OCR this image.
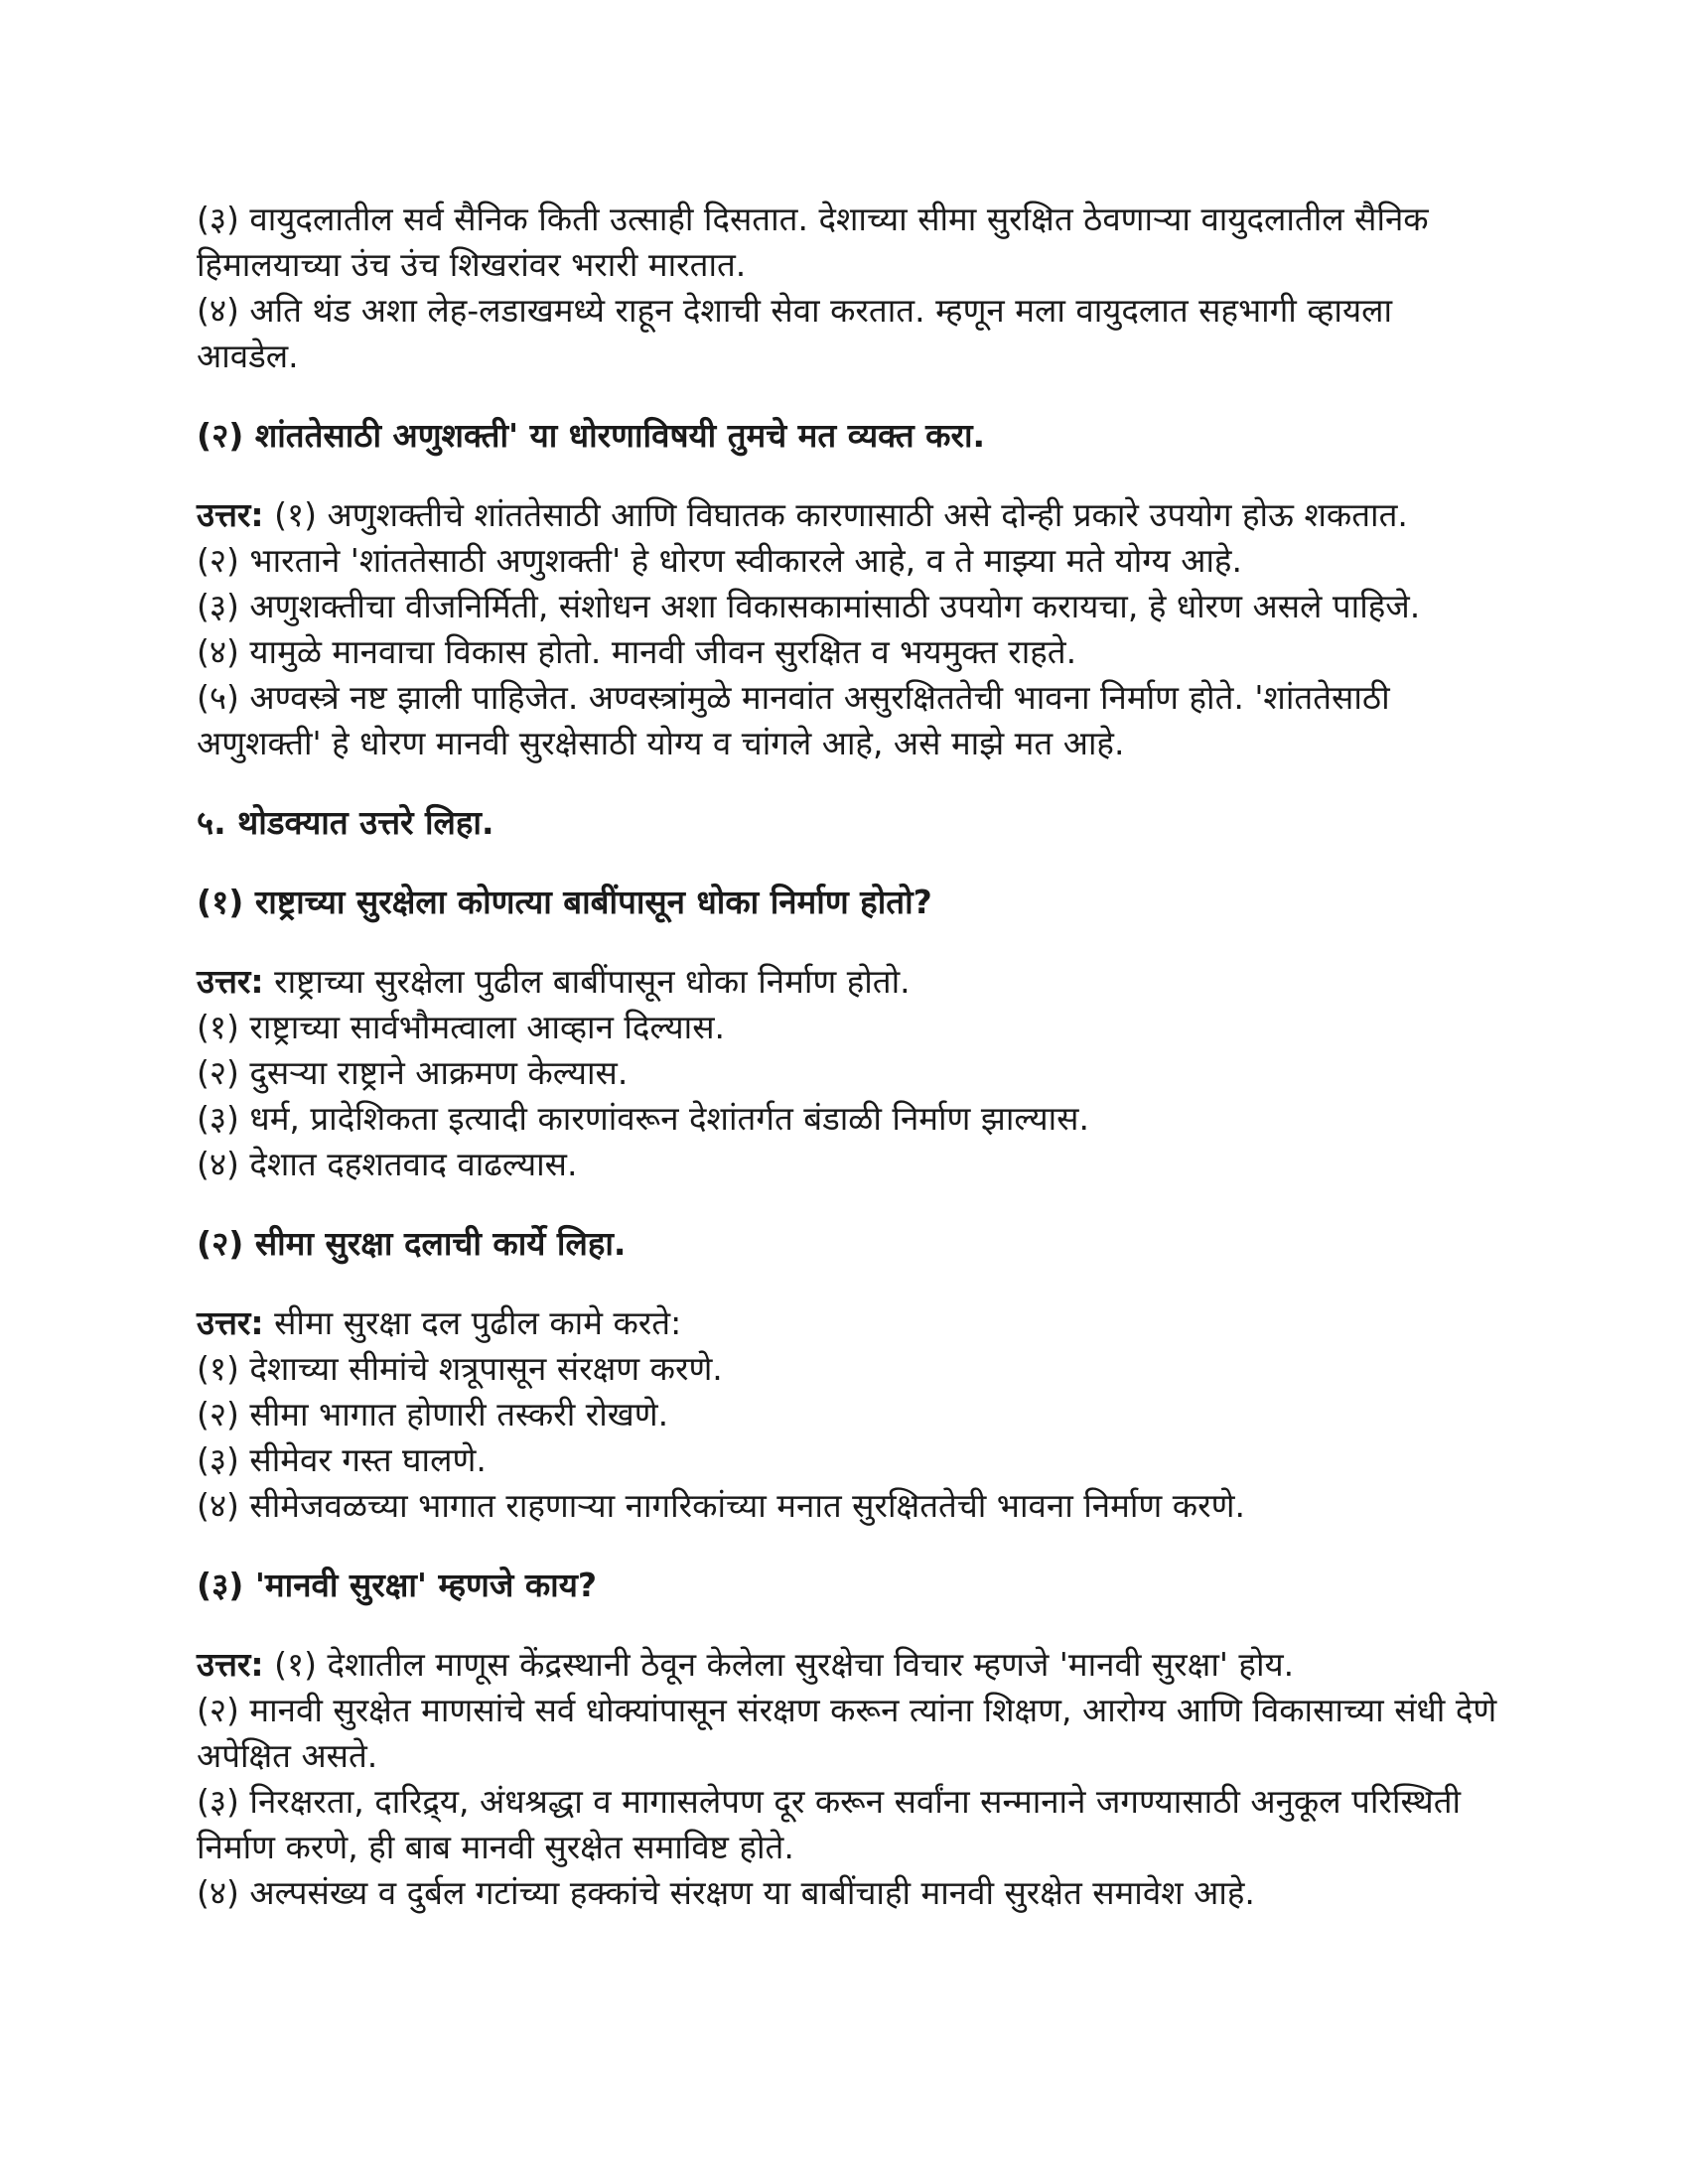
(३) वायुदलातील सर्व सैनिक किती उत्साही दिसतात. देशाच्या सीमा सुरक्षित ठेवणाऱ्या वायुदलातील सैनिक हिमालयाच्या उंच उंच शिखरांवर भरारी मारतात.

(४) अति थंड अशा लेह-लडाखमध्ये राहून देशाची सेवा करतात. म्हणून मला वायुदलात सहभागी व्हायला आवडेल.

(२) शांततेसाठी अणुशक्ती' या धोरणाविषयी तुमचे मत व्यक्त करा.

उत्तर: (१) अणुशक्तीचे शांततेसाठी आणि विघातक कारणासाठी असे दोन्ही प्रकारे उपयोग होऊ शकतात.

(२) भारताने 'शांततेसाठी अणुशक्ती' हे धोरण स्वीकारले आहे, व ते माझ्या मते योग्य आहे.

(३) अणुशक्तीचा वीजनिर्मिती, संशोधन अशा विकासकामांसाठी उपयोग करायचा, हे धोरण असले पाहिजे.

(४) यामुळे मानवाचा विकास होतो. मानवी जीवन सुरक्षित व भयमुक्त राहते.

(५) अण्वस्त्रे नष्ट झाली पाहिजेत. अण्वस्त्रांमुळे मानवांत असुरक्षिततेची भावना निर्माण होते. 'शांततेसाठी अणुशक्ती' हे धोरण मानवी सुरक्षेसाठी योग्य व चांगले आहे, असे माझे मत आहे.

५. थोडक्यात उत्तरे लिहा.

(१) राष्ट्राच्या सुरक्षेला कोणत्या बाबींपासून धोका निर्माण होतो?

उत्तर: राष्ट्राच्या सुरक्षेला पुढील बाबींपासून धोका निर्माण होतो.

(१) राष्ट्राच्या सार्वभौमत्वाला आव्हान दिल्यास.

(२) दुसऱ्या राष्ट्राने आक्रमण केल्यास.

(३) धर्म, प्रादेशिकता इत्यादी कारणांवरून देशांतर्गत बंडाळी निर्माण झाल्यास.

(४) देशात दहशतवाद वाढल्यास.

(२) सीमा सुरक्षा दलाची कार्ये लिहा.

उत्तर: सीमा सुरक्षा दल पुढील कामे करते:

(१) देशाच्या सीमांचे शत्रूपासून संरक्षण करणे.

(२) सीमा भागात होणारी तस्करी रोखणे.

(३) सीमेवर गस्त घालणे.

(४) सीमेजवळच्या भागात राहणाऱ्या नागरिकांच्या मनात सुरक्षिततेची भावना निर्माण करणे.

(३) 'मानवी सुरक्षा' म्हणजे काय?

उत्तर: (१) देशातील माणूस केंद्रस्थानी ठेवून केलेला सुरक्षेचा विचार म्हणजे 'मानवी सुरक्षा' होय.

(२) मानवी सुरक्षेत माणसांचे सर्व धोक्यांपासून संरक्षण करून त्यांना शिक्षण, आरोग्य आणि विकासाच्या संधी देणे अपेक्षित असते.

(३) निरक्षरता, दारिद्र्य, अंधश्रद्धा व मागासलेपण दूर करून सर्वांना सन्मानाने जगण्यासाठी अनुकूल परिस्थिती निर्माण करणे, ही बाब मानवी सुरक्षेत समाविष्ट होते.

(४) अल्पसंख्य व दुर्बल गटांच्या हक्कांचे संरक्षण या बाबींचाही मानवी सुरक्षेत समावेश आहे.
